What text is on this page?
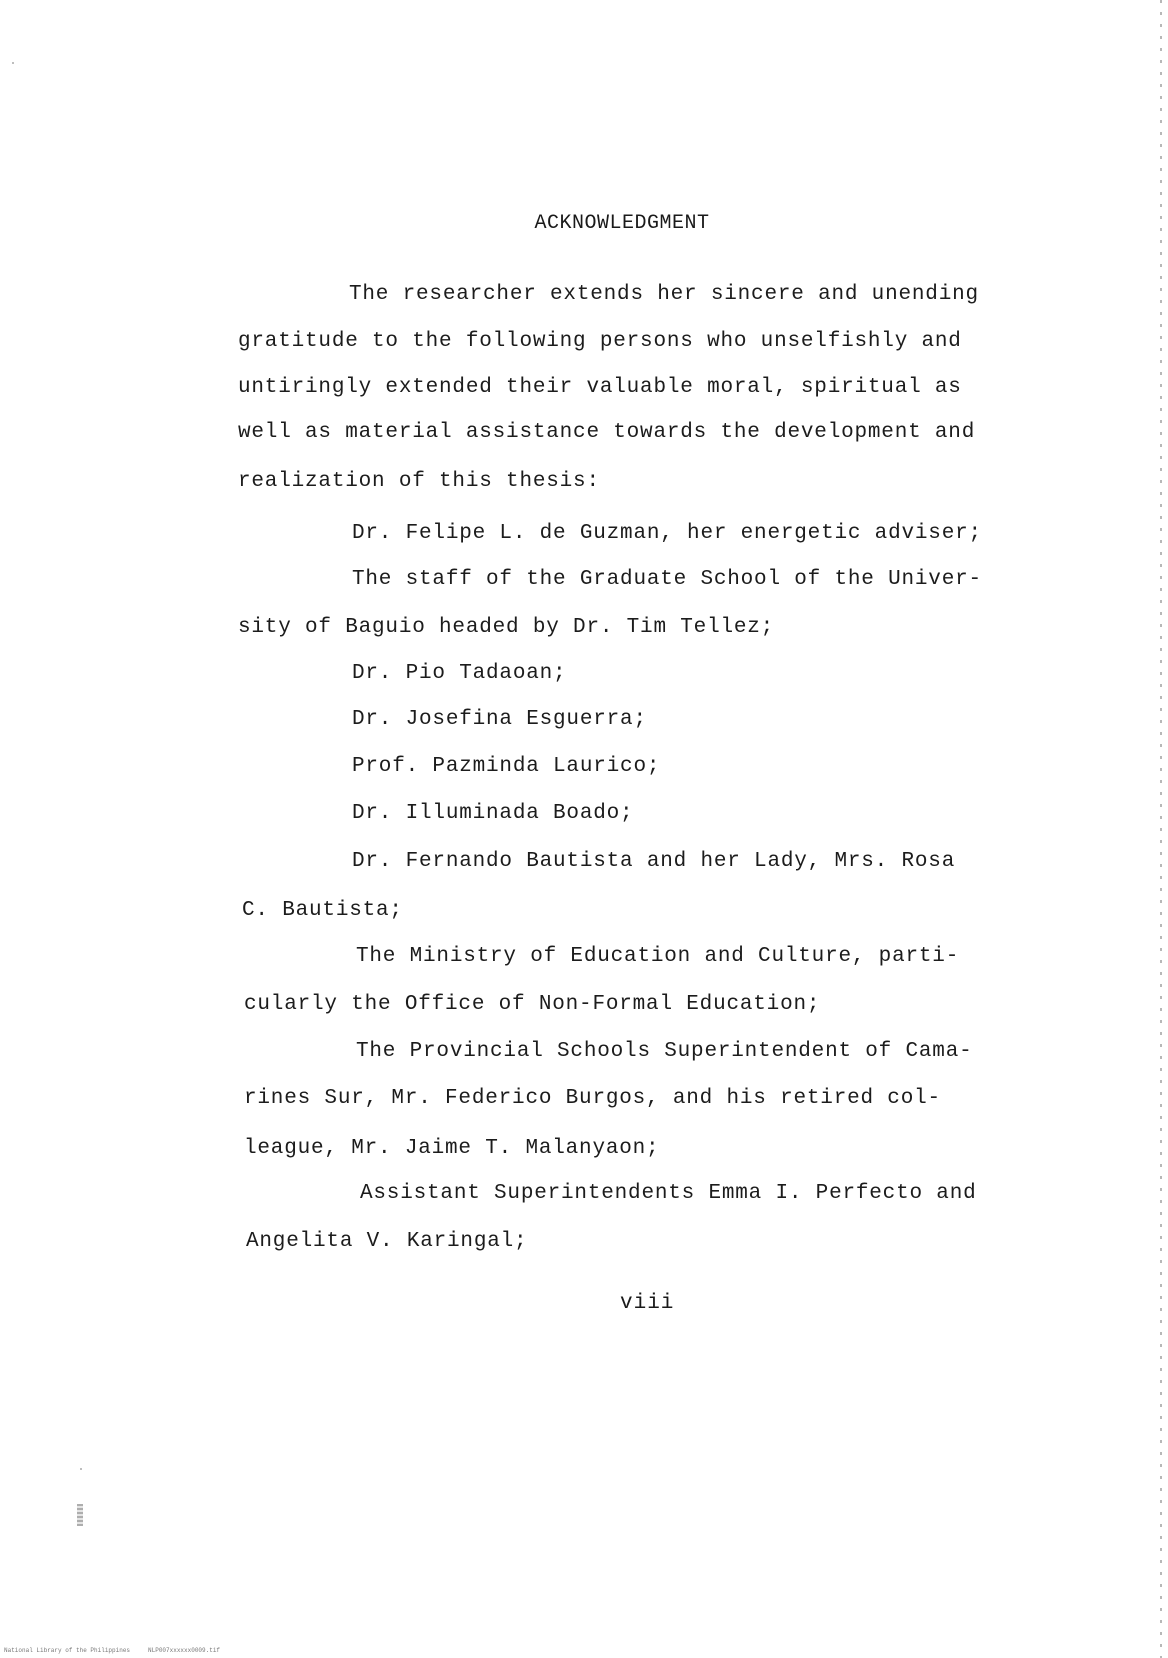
ACKNOWLEDGMENT
The researcher extends her sincere and unending
gratitude to the following persons who unselfishly and
untiringly extended their valuable moral, spiritual as
well as material assistance towards the development and
realization of this thesis:
Dr. Felipe L. de Guzman, her energetic adviser;
The staff of the Graduate School of the Univer-
sity of Baguio headed by Dr. Tim Tellez;
Dr. Pio Tadaoan;
Dr. Josefina Esguerra;
Prof. Pazminda Laurico;
Dr. Illuminada Boado;
Dr. Fernando Bautista and her Lady, Mrs. Rosa
C. Bautista;
The Ministry of Education and Culture, parti-
cularly the Office of Non-Formal Education;
The Provincial Schools Superintendent of Cama-
rines Sur, Mr. Federico Burgos, and his retired col-
league, Mr. Jaime T. Malanyaon;
Assistant Superintendents Emma I. Perfecto and
Angelita V. Karingal;
viii
National Library of the Philippines     NLP007xxxxxx0009.tif
